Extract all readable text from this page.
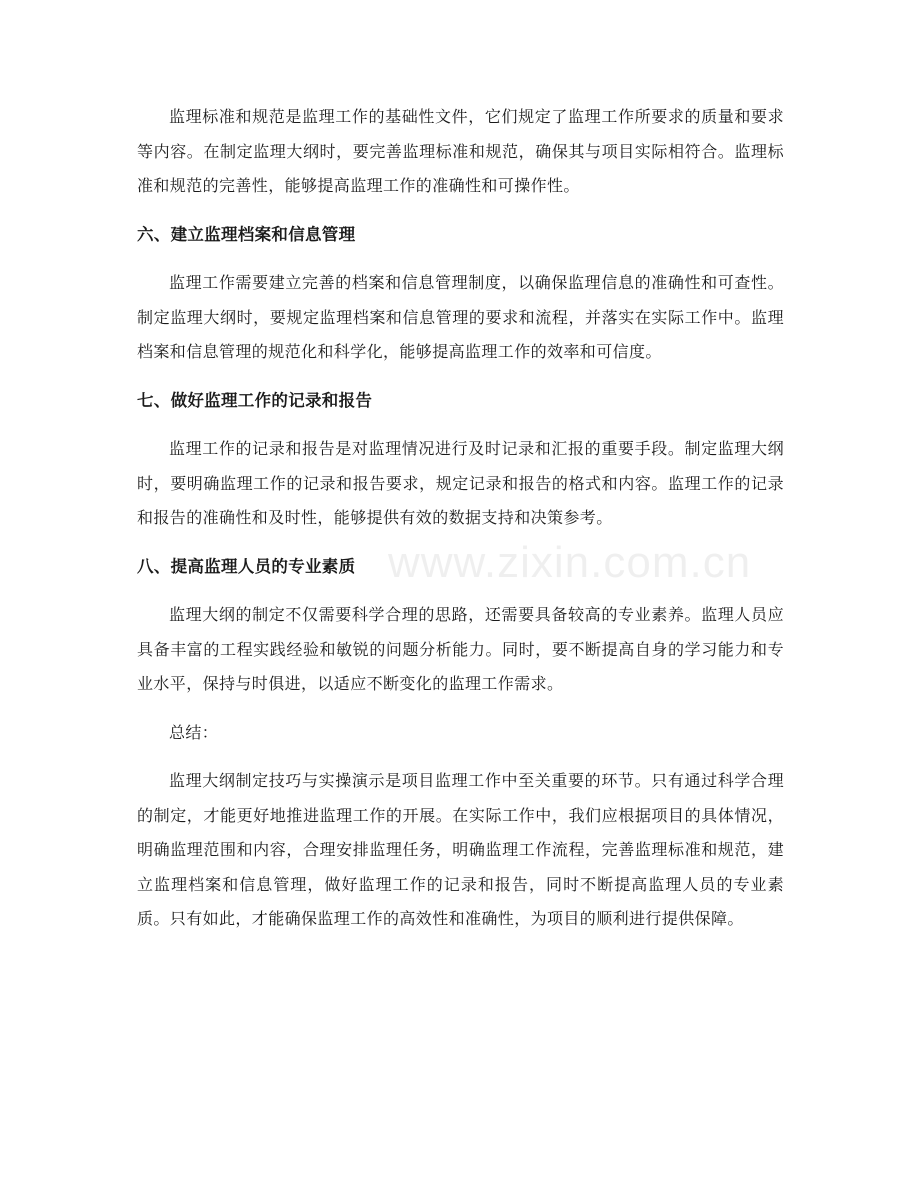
www.zixin.com.cn

监理标准和规范是监理工作的基础性文件，它们规定了监理工作所要求的质量和要求等内容。在制定监理大纲时，要完善监理标准和规范，确保其与项目实际相符合。监理标准和规范的完善性，能够提高监理工作的准确性和可操作性。

六、建立监理档案和信息管理

监理工作需要建立完善的档案和信息管理制度，以确保监理信息的准确性和可查性。制定监理大纲时，要规定监理档案和信息管理的要求和流程，并落实在实际工作中。监理档案和信息管理的规范化和科学化，能够提高监理工作的效率和可信度。

七、做好监理工作的记录和报告

监理工作的记录和报告是对监理情况进行及时记录和汇报的重要手段。制定监理大纲时，要明确监理工作的记录和报告要求，规定记录和报告的格式和内容。监理工作的记录和报告的准确性和及时性，能够提供有效的数据支持和决策参考。

八、提高监理人员的专业素质

监理大纲的制定不仅需要科学合理的思路，还需要具备较高的专业素养。监理人员应具备丰富的工程实践经验和敏锐的问题分析能力。同时，要不断提高自身的学习能力和专业水平，保持与时俱进，以适应不断变化的监理工作需求。

总结：

监理大纲制定技巧与实操演示是项目监理工作中至关重要的环节。只有通过科学合理的制定，才能更好地推进监理工作的开展。在实际工作中，我们应根据项目的具体情况，明确监理范围和内容，合理安排监理任务，明确监理工作流程，完善监理标准和规范，建立监理档案和信息管理，做好监理工作的记录和报告，同时不断提高监理人员的专业素质。只有如此，才能确保监理工作的高效性和准确性，为项目的顺利进行提供保障。
